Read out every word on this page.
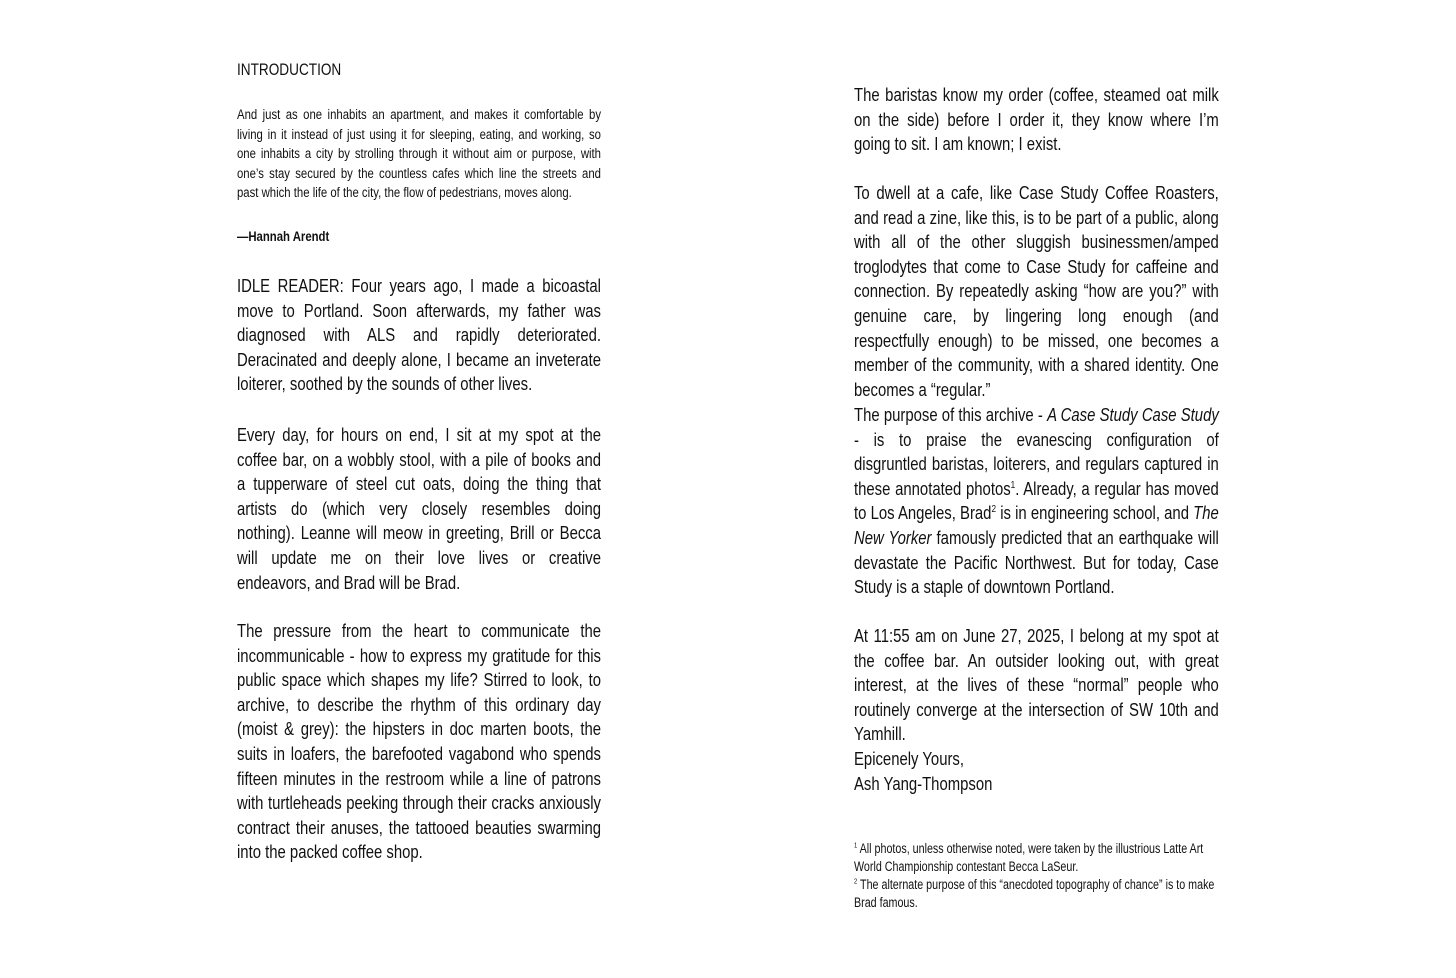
INTRODUCTION

And just as one inhabits an apartment, and makes it comfortable by living in it instead of just using it for sleeping, eating, and working, so one inhabits a city by strolling through it without aim or purpose, with one’s stay secured by the countless cafes which line the streets and past which the life of the city, the flow of pedestrians, moves along.

—Hannah Arendt

IDLE READER: Four years ago, I made a bicoastal move to Portland. Soon afterwards, my father was diagnosed with ALS and rapidly deteriorated. Deracinated and deeply alone, I became an inveterate loiterer, soothed by the sounds of other lives.

Every day, for hours on end, I sit at my spot at the coffee bar, on a wobbly stool, with a pile of books and a tupperware of steel cut oats, doing the thing that artists do (which very closely resembles doing nothing). Leanne will meow in greeting, Brill or Becca will update me on their love lives or creative endeavors, and Brad will be Brad.

The pressure from the heart to communicate the incommunicable - how to express my gratitude for this public space which shapes my life? Stirred to look, to archive, to describe the rhythm of this ordinary day (moist & grey): the hipsters in doc marten boots, the suits in loafers, the barefooted vagabond who spends fifteen minutes in the restroom while a line of patrons with turtleheads peeking through their cracks anxiously contract their anuses, the tattooed beauties swarming into the packed coffee shop.

The baristas know my order (coffee, steamed oat milk on the side) before I order it, they know where I’m going to sit. I am known; I exist.

To dwell at a cafe, like Case Study Coffee Roasters, and read a zine, like this, is to be part of a public, along with all of the other sluggish businessmen/amped troglodytes that come to Case Study for caffeine and connection. By repeatedly asking “how are you?” with genuine care, by lingering long enough (and respectfully enough) to be missed, one becomes a member of the community, with a shared identity. One becomes a “regular.”

The purpose of this archive - A Case Study Case Study - is to praise the evanescing configuration of disgruntled baristas, loiterers, and regulars captured in these annotated photos$^1$. Already, a regular has moved to Los Angeles, Brad$^2$ is in engineering school, and The New Yorker famously predicted that an earthquake will devastate the Pacific Northwest. But for today, Case Study is a staple of downtown Portland.

At 11:55 am on June 27, 2025, I belong at my spot at the coffee bar. An outsider looking out, with great interest, at the lives of these “normal” people who routinely converge at the intersection of SW 10th and Yamhill.

Epicenely Yours,
Ash Yang-Thompson

$^1$ All photos, unless otherwise noted, were taken by the illustrious Latte Art World Championship contestant Becca LaSeur.
$^2$ The alternate purpose of this “anecdoted topography of chance” is to make Brad famous.
